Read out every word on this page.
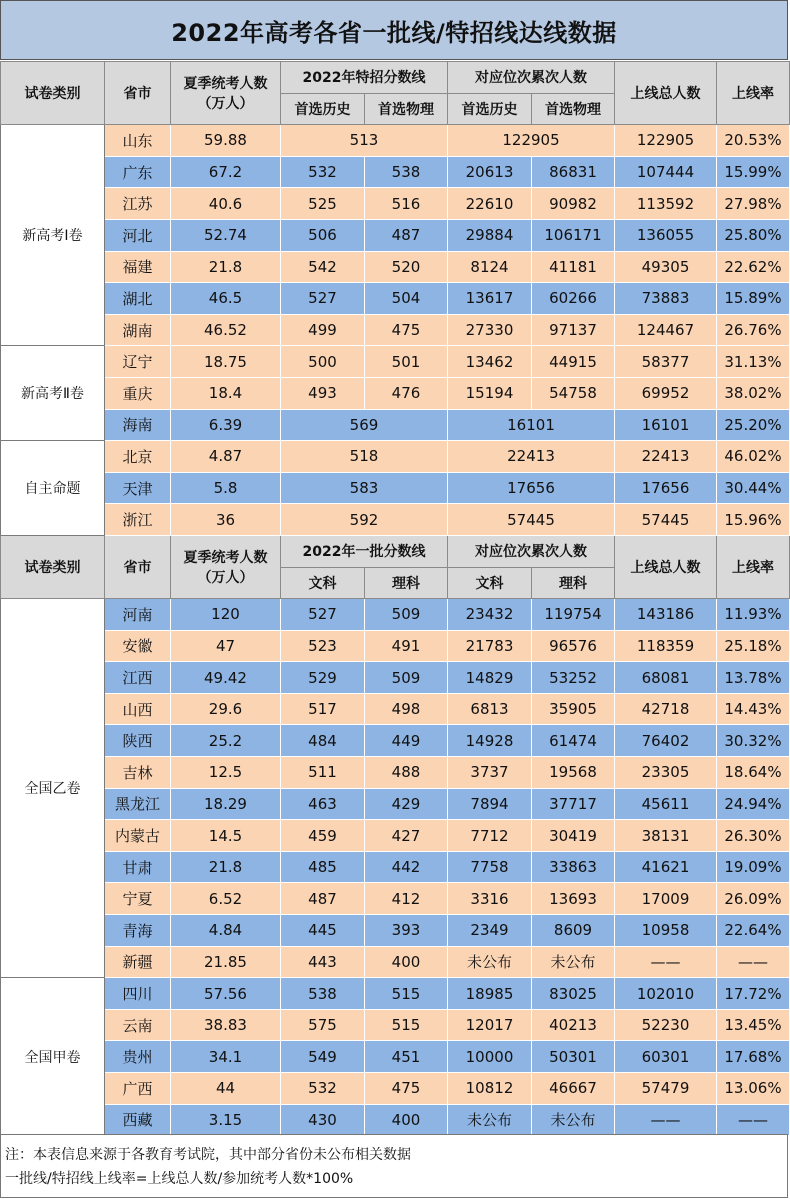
2022年高考各省一批线/特招线达线数据
试卷类别	省市	夏季统考人数
（万人）	2022年特招分数线		对应位次累次人数		上线总人数	上线率
			首选历史	首选物理	首选历史	首选物理		
新高考Ⅰ卷	山东	59.88	513		122905		122905	20.53%
	广东	67.2	532	538	20613	86831	107444	15.99%
	江苏	40.6	525	516	22610	90982	113592	27.98%
	河北	52.74	506	487	29884	106171	136055	25.80%
	福建	21.8	542	520	8124	41181	49305	22.62%
	湖北	46.5	527	504	13617	60266	73883	15.89%
	湖南	46.52	499	475	27330	97137	124467	26.76%
新高考Ⅱ卷	辽宁	18.75	500	501	13462	44915	58377	31.13%
	重庆	18.4	493	476	15194	54758	69952	38.02%
	海南	6.39	569		16101		16101	25.20%
自主命题	北京	4.87	518		22413		22413	46.02%
	天津	5.8	583		17656		17656	30.44%
	浙江	36	592		57445		57445	15.96%
试卷类别	省市	夏季统考人数
（万人）	2022年一批分数线		对应位次累次人数		上线总人数	上线率
			文科	理科	文科	理科		
全国乙卷	河南	120	527	509	23432	119754	143186	11.93%
	安徽	47	523	491	21783	96576	118359	25.18%
	江西	49.42	529	509	14829	53252	68081	13.78%
	山西	29.6	517	498	6813	35905	42718	14.43%
	陕西	25.2	484	449	14928	61474	76402	30.32%
	吉林	12.5	511	488	3737	19568	23305	18.64%
	黑龙江	18.29	463	429	7894	37717	45611	24.94%
	内蒙古	14.5	459	427	7712	30419	38131	26.30%
	甘肃	21.8	485	442	7758	33863	41621	19.09%
	宁夏	6.52	487	412	3316	13693	17009	26.09%
	青海	4.84	445	393	2349	8609	10958	22.64%
	新疆	21.85	443	400	未公布	未公布	——	——
全国甲卷	四川	57.56	538	515	18985	83025	102010	17.72%
	云南	38.83	575	515	12017	40213	52230	13.45%
	贵州	34.1	549	451	10000	50301	60301	17.68%
	广西	44	532	475	10812	46667	57479	13.06%
	西藏	3.15	430	400	未公布	未公布	——	——
注：本表信息来源于各教育考试院，其中部分省份未公布相关数据
一批线/特招线上线率=上线总人数/参加统考人数*100%
